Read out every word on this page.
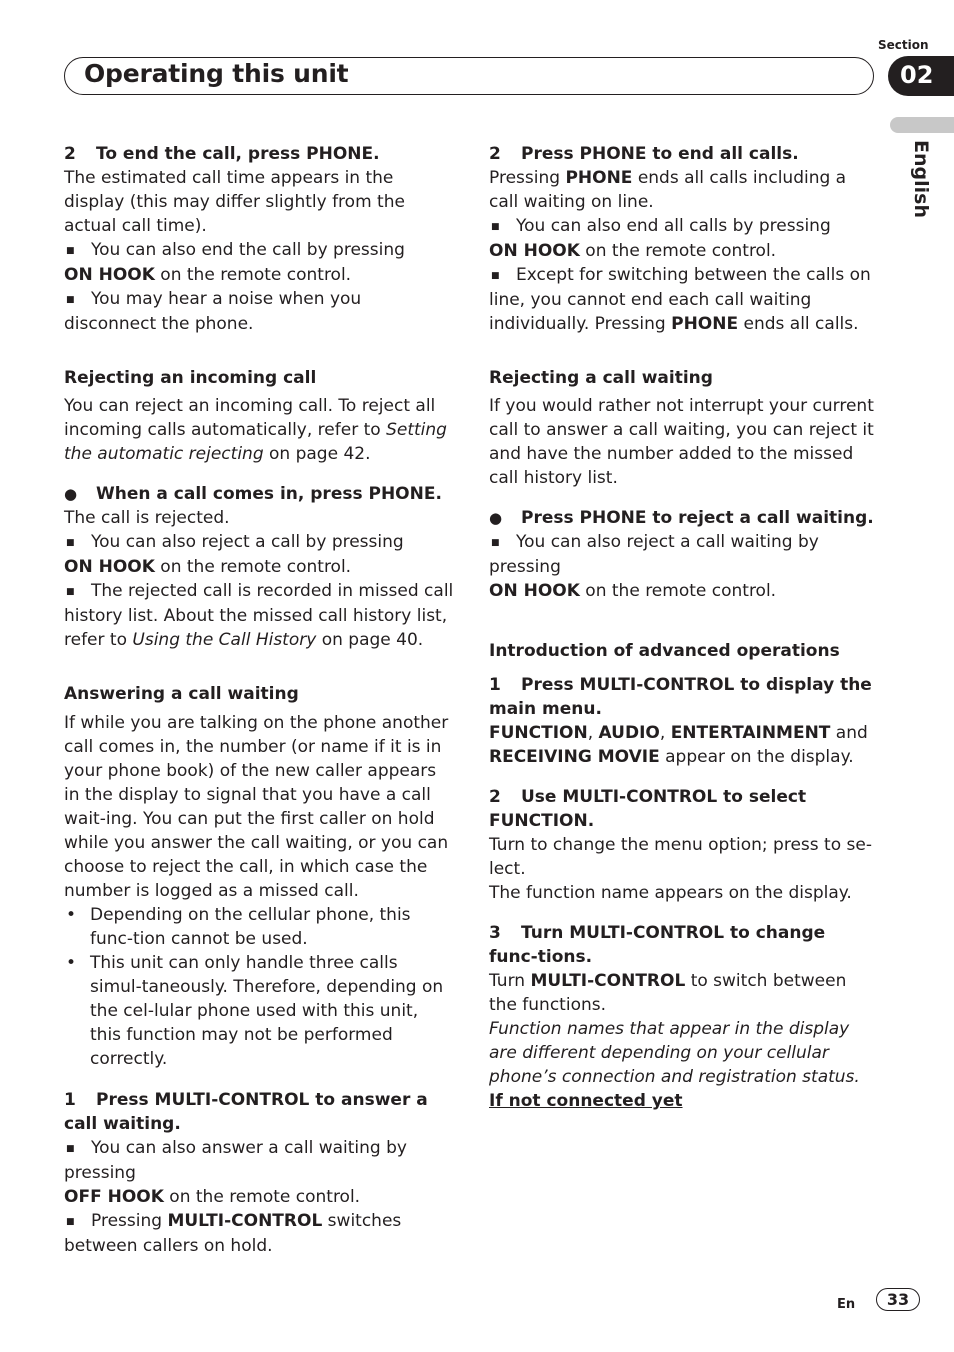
Section
Operating this unit	02
English

2 To end the call, press PHONE.

The estimated call time appears in the display (this may differ slightly from the actual call time).

■ You can also end the call by pressing
ON HOOK on the remote control.

■ You may hear a noise when you disconnect the phone.

Rejecting an incoming call

You can reject an incoming call. To reject all incoming calls automatically, refer to Setting the automatic rejecting on page 42.

● When a call comes in, press PHONE.

The call is rejected.

■ You can also reject a call by pressing
ON HOOK on the remote control.

■ The rejected call is recorded in missed call history list. About the missed call history list, refer to Using the Call History on page 40.

Answering a call waiting

If while you are talking on the phone another call comes in, the number (or name if it is in your phone book) of the new caller appears in the display to signal that you have a call wait-ing. You can put the first caller on hold while you answer the call waiting, or you can choose to reject the call, in which case the number is logged as a missed call.

• Depending on the cellular phone, this func-tion cannot be used.
• This unit can only handle three calls simul-taneously. Therefore, depending on the cel-lular phone used with this unit, this function may not be performed correctly.

1 Press MULTI-CONTROL to answer a call waiting.

■ You can also answer a call waiting by pressing
OFF HOOK on the remote control.

■ Pressing MULTI-CONTROL switches between callers on hold.

2 Press PHONE to end all calls.

Pressing PHONE ends all calls including a call waiting on line.

■ You can also end all calls by pressing
ON HOOK on the remote control.

■ Except for switching between the calls on line, you cannot end each call waiting individually. Pressing PHONE ends all calls.

Rejecting a call waiting

If you would rather not interrupt your current call to answer a call waiting, you can reject it and have the number added to the missed call history list.

● Press PHONE to reject a call waiting.

■ You can also reject a call waiting by pressing
ON HOOK on the remote control.

Introduction of advanced operations

1 Press MULTI-CONTROL to display the main menu.

FUNCTION, AUDIO, ENTERTAINMENT and
RECEIVING MOVIE appear on the display.

2 Use MULTI-CONTROL to select FUNCTION.

Turn to change the menu option; press to se-lect.

The function name appears on the display.

3 Turn MULTI-CONTROL to change func-tions.

Turn MULTI-CONTROL to switch between the functions.

Function names that appear in the display are different depending on your cellular phone’s connection and registration status.

If not connected yet

En	33
